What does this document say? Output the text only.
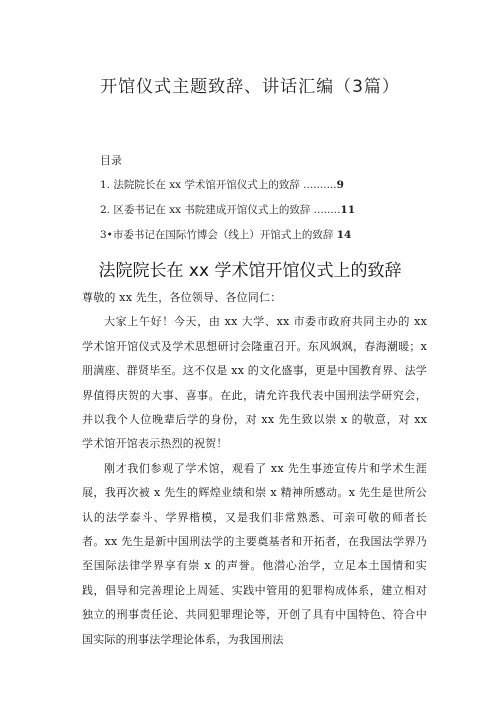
开馆仪式主题致辞、讲话汇编（3篇）
目录
1. 法院院长在 xx 学术馆开馆仪式上的致辞 ..........9
2. 区委书记在 xx 书院建成开馆仪式上的致辞 ........11
3•市委书记在国际竹博会（线上）开馆式上的致辞 14
法院院长在 xx 学术馆开馆仪式上的致辞

尊敬的 xx 先生，各位领导、各位同仁：

大家上午好！今天，由 xx 大学、xx 市委市政府共同主办的 xx 学术馆开馆仪式及学术思想研讨会隆重召开。东风飒飒，春海潮暖；x 朋满座、群贤毕至。这不仅是 xx 的文化盛事，更是中国教育界、法学界值得庆贺的大事、喜事。在此，请允许我代表中国刑法学研究会，并以我个人位晚辈后学的身份，对 xx 先生致以崇 x 的敬意，对 xx 学术馆开馆表示热烈的祝贺！

刚才我们参观了学术馆，观看了 xx 先生事迹宣传片和学术生涯展，我再次被 x 先生的辉煌业绩和崇 x 精神所感动。x 先生是世所公认的法学泰斗、学界楷模，又是我们非常熟悉、可亲可敬的师者长者。xx 先生是新中国刑法学的主要奠基者和开拓者，在我国法学界乃至国际法律学界享有崇 x 的声誉。他潜心治学，立足本土国情和实践，倡导和完善理论上周延、实践中管用的犯罪构成体系，建立相对独立的刑事责任论、共同犯罪理论等，开创了具有中国特色、符合中国实际的刑事法学理论体系，为我国刑法
